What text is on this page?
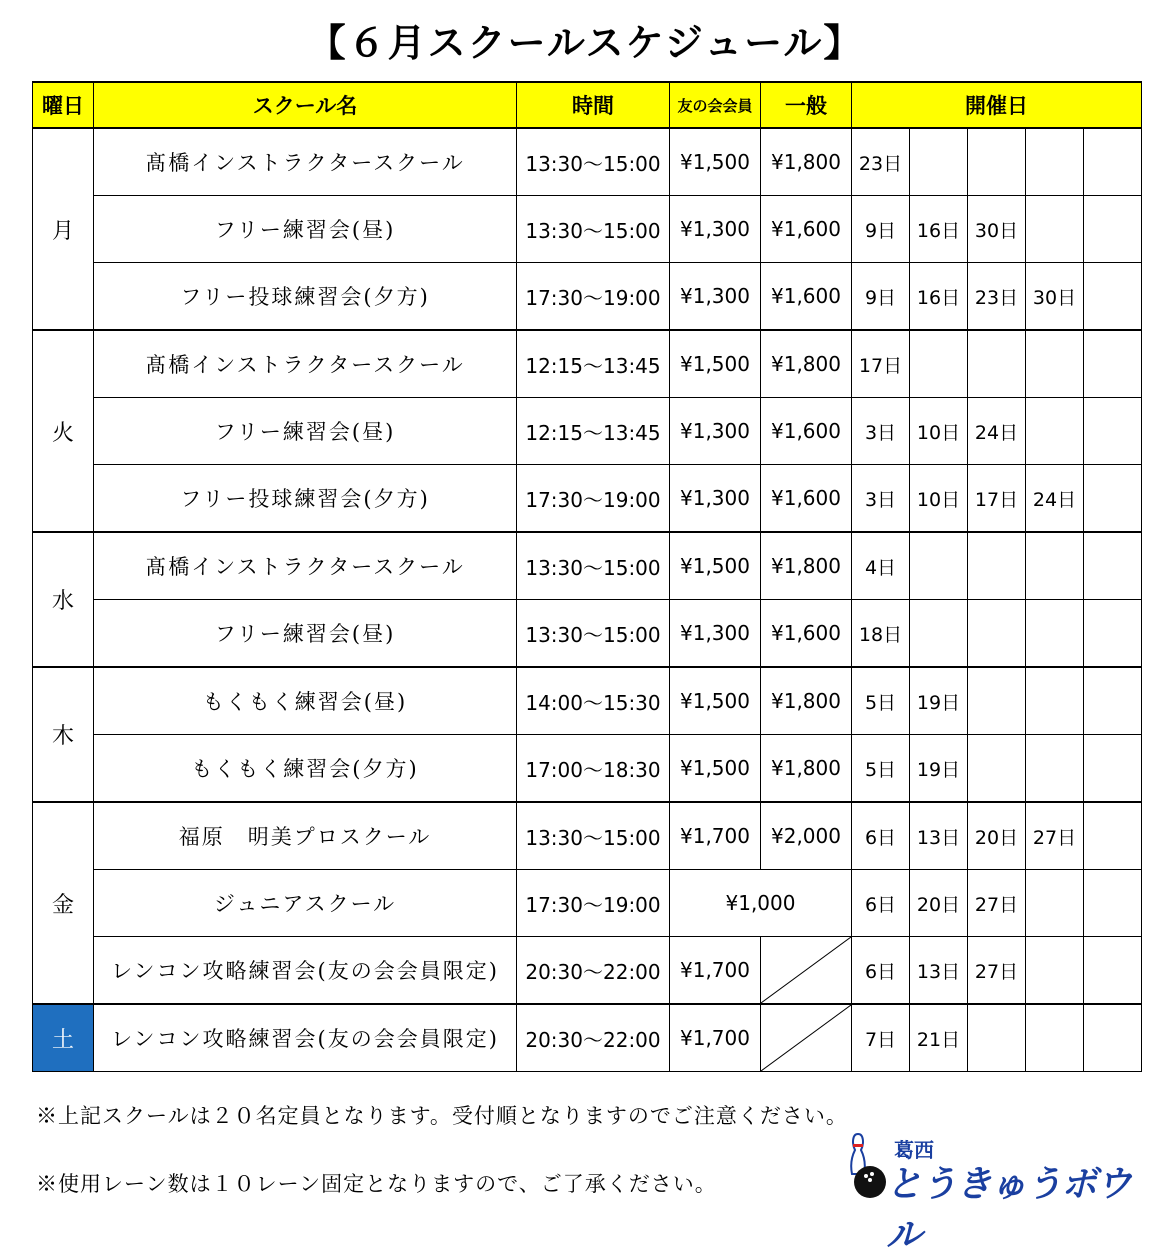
【６月スクールスケジュール】
曜日	スクール名	時間	友の会会員	一般	開催日				
月	髙橋インストラクタースクール	13:30～15:00	¥1,500	¥1,800	23日				
	フリー練習会(昼)	13:30～15:00	¥1,300	¥1,600	9日	16日	30日		
	フリー投球練習会(夕方)	17:30～19:00	¥1,300	¥1,600	9日	16日	23日	30日	
火	髙橋インストラクタースクール	12:15～13:45	¥1,500	¥1,800	17日				
	フリー練習会(昼)	12:15～13:45	¥1,300	¥1,600	3日	10日	24日		
	フリー投球練習会(夕方)	17:30～19:00	¥1,300	¥1,600	3日	10日	17日	24日	
水	髙橋インストラクタースクール	13:30～15:00	¥1,500	¥1,800	4日				
	フリー練習会(昼)	13:30～15:00	¥1,300	¥1,600	18日				
木	もくもく練習会(昼)	14:00～15:30	¥1,500	¥1,800	5日	19日			
	もくもく練習会(夕方)	17:00～18:30	¥1,500	¥1,800	5日	19日			
金	福原　明美プロスクール	13:30～15:00	¥1,700	¥2,000	6日	13日	20日	27日	
	ジュニアスクール	17:30～19:00	¥1,000		6日	20日	27日		
	レンコン攻略練習会(友の会会員限定)	20:30～22:00	¥1,700		6日	13日	27日		
土	レンコン攻略練習会(友の会会員限定)	20:30～22:00	¥1,700		7日	21日			
※上記スクールは２０名定員となります。受付順となりますのでご注意ください。
※使用レーン数は１０レーン固定となりますので、ご了承ください。
葛西
とうきゅうボウル
